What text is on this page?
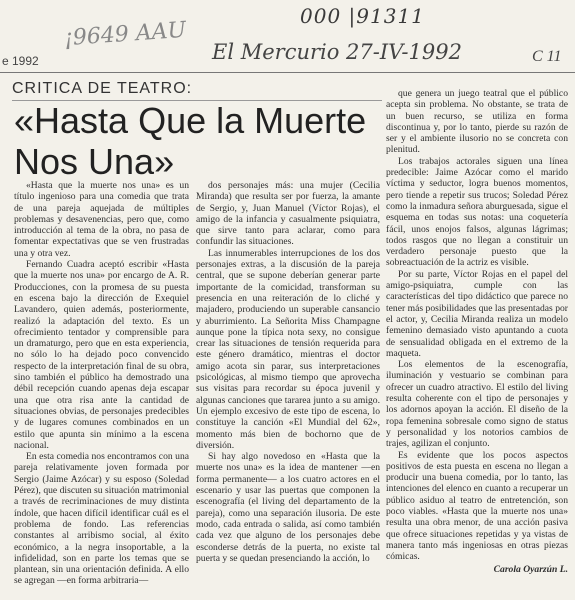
000 |91311
¡9649 AAU
El Mercurio 27-IV-1992
e 1992	C 11
CRITICA DE TEATRO:
«Hasta Que la Muerte Nos Una»

«Hasta que la muerte nos una» es un título ingenioso para una comedia que trata de una pareja aquejada de múltiples problemas y desavenencias, pero que, como introducción al tema de la obra, no pasa de fomentar expectativas que se ven frustradas una y otra vez.

Fernando Cuadra aceptó escribir «Hasta que la muerte nos una» por encargo de A. R. Producciones, con la promesa de su puesta en escena bajo la dirección de Exequiel Lavandero, quien además, posteriormente, realizó la adaptación del texto. Es un ofrecimiento tentador y comprensible para un dramaturgo, pero que en esta experiencia, no sólo lo ha dejado poco convencido respecto de la interpretación final de su obra, sino también el público ha demostrado una débil recepción cuando apenas deja escapar una que otra risa ante la cantidad de situaciones obvias, de personajes predecibles y de lugares comunes combinados en un estilo que apunta sin mínimo a la escena nacional.

En esta comedia nos encontramos con una pareja relativamente joven formada por Sergio (Jaime Azócar) y su esposo (Soledad Pérez), que discuten su situación matrimonial a través de recriminaciones de muy distinta índole, que hacen difícil identificar cuál es el problema de fondo. Las referencias constantes al arribismo social, al éxito económico, a la negra insoportable, a la infidelidad, son en parte los temas que se plantean, sin una orientación definida. A ello se agregan —en forma arbitraria—

dos personajes más: una mujer (Cecilia Miranda) que resulta ser por fuerza, la amante de Sergio, y, Juan Manuel (Víctor Rojas), el amigo de la infancia y casualmente psiquiatra, que sirve tanto para aclarar, como para confundir las situaciones.

Las innumerables interrupciones de los dos personajes extras, a la discusión de la pareja central, que se supone deberían generar parte importante de la comicidad, transforman su presencia en una reiteración de lo cliché y majadero, produciendo un superable cansancio y aburrimiento. La Señorita Miss Champagne aunque pone la típica nota sexy, no consigue crear las situaciones de tensión requerida para este género dramático, mientras el doctor amigo acota sin parar, sus interpretaciones psicológicas, al mismo tiempo que aprovecha sus visitas para recordar su época juvenil y algunas canciones que tararea junto a su amigo. Un ejemplo excesivo de este tipo de escena, lo constituye la canción «El Mundial del 62», momento más bien de bochorno que de diversión.

Si hay algo novedoso en «Hasta que la muerte nos una» es la idea de mantener —en forma permanente— a los cuatro actores en el escenario y usar las puertas que componen la escenografía (el living del departamento de la pareja), como una separación ilusoria. De este modo, cada entrada o salida, así como también cada vez que alguno de los personajes debe esconderse detrás de la puerta, no existe tal puerta y se quedan presenciando la acción, lo

que genera un juego teatral que el público acepta sin problema. No obstante, se trata de un buen recurso, se utiliza en forma discontinua y, por lo tanto, pierde su razón de ser y el ambiente ilusorio no se concreta con plenitud.

Los trabajos actorales siguen una línea predecible: Jaime Azócar como el marido víctima y seductor, logra buenos momentos, pero tiende a repetir sus trucos; Soledad Pérez como la inmadura señora aburguesada, sigue el esquema en todas sus notas: una coquetería fácil, unos enojos falsos, algunas lágrimas; todos rasgos que no llegan a constituir un verdadero personaje puesto que la sobreactuación de la actriz es visible.

Por su parte, Víctor Rojas en el papel del amigo-psiquiatra, cumple con las características del tipo didáctico que parece no tener más posibilidades que las presentadas por el actor, y, Cecilia Miranda realiza un modelo femenino demasiado visto apuntando a cuota de sensualidad obligada en el extremo de la maqueta.

Los elementos de la escenografía, iluminación y vestuario se combinan para ofrecer un cuadro atractivo. El estilo del living resulta coherente con el tipo de personajes y los adornos apoyan la acción. El diseño de la ropa femenina sobresale como signo de status y personalidad y los notorios cambios de trajes, agilizan el conjunto.

Es evidente que los pocos aspectos positivos de esta puesta en escena no llegan a producir una buena comedia, por lo tanto, las intenciones del elenco en cuanto a recuperar un público asiduo al teatro de entretención, son poco viables. «Hasta que la muerte nos una» resulta una obra menor, de una acción pasiva que ofrece situaciones repetidas y ya vistas de manera tanto más ingeniosas en otras piezas cómicas.

Carola Oyarzún L.
